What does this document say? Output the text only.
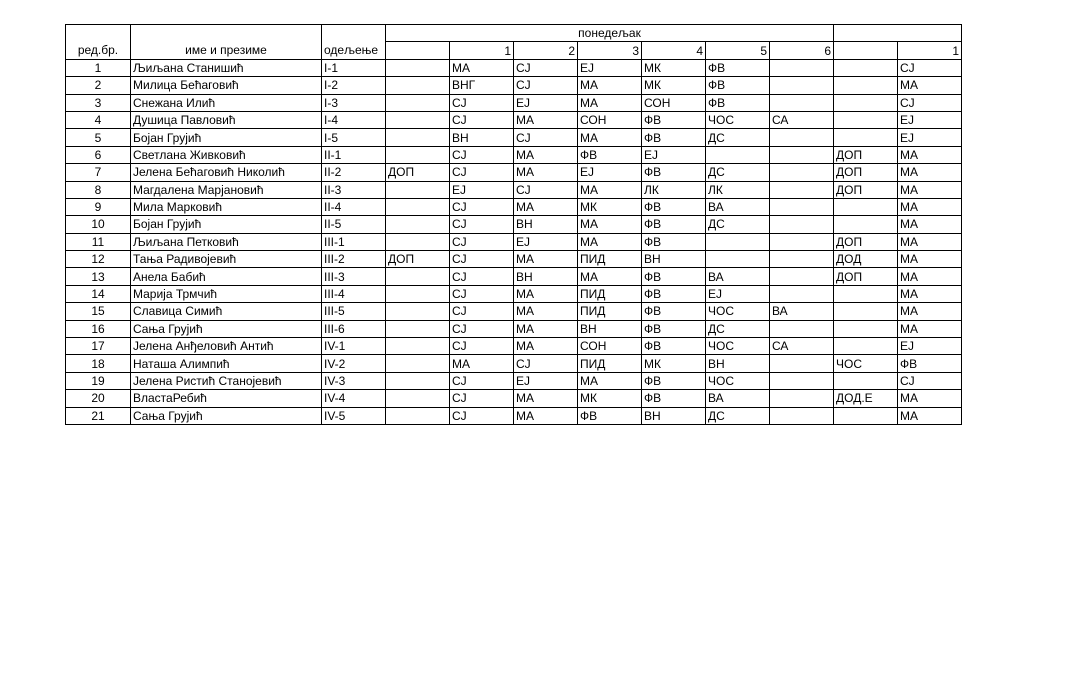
			понедељак								
ред.бр.	име и презиме	одељење		1	2	3	4	5	6		1
1	Љиљана Станишић	I-1		МА	СЈ	ЕЈ	МК	ФВ			СЈ
2	Милица Бећаговић	I-2		ВНГ	СЈ	МА	МК	ФВ			МА
3	Снежана Илић	I-3		СЈ	ЕЈ	МА	СОН	ФВ			СЈ
4	Душица Павловић	I-4		СЈ	МА	СОН	ФВ	ЧОС	СА		ЕЈ
5	Бојан Грујић	I-5		ВН	СЈ	МА	ФВ	ДС			ЕЈ
6	Светлана Живковић	II-1		СЈ	МА	ФВ	ЕЈ			ДОП	МА
7	Јелена Бећаговић Николић	II-2	ДОП	СЈ	МА	ЕЈ	ФВ	ДС		ДОП	МА
8	Магдалена Марјановић	II-3		ЕЈ	СЈ	МА	ЛК	ЛК		ДОП	МА
9	Мила Марковић	II-4		СЈ	МА	МК	ФВ	ВА			МА
10	Бојан Грујић	II-5		СЈ	ВН	МА	ФВ	ДС			МА
11	Љиљана Петковић	III-1		СЈ	ЕЈ	МА	ФВ			ДОП	МА
12	Тања Радивојевић	III-2	ДОП	СЈ	МА	ПИД	ВН			ДОД	МА
13	Анела Бабић	III-3		СЈ	ВН	МА	ФВ	ВА		ДОП	МА
14	Марија Трмчић	III-4		СЈ	МА	ПИД	ФВ	ЕЈ			МА
15	Славица Симић	III-5		СЈ	МА	ПИД	ФВ	ЧОС	ВА		МА
16	Сања Грујић	III-6		СЈ	МА	ВН	ФВ	ДС			МА
17	Јелена Анђеловић Антић	IV-1		СЈ	МА	СОН	ФВ	ЧОС	СА		ЕЈ
18	Наташа Алимпић	IV-2		МА	СЈ	ПИД	МК	ВН		ЧОС	ФВ
19	Јелена Ристић Станојевић	IV-3		СЈ	ЕЈ	МА	ФВ	ЧОС			СЈ
20	ВластаРебић	IV-4		СЈ	МА	МК	ФВ	ВА		ДОД.Е	МА
21	Сања Грујић	IV-5		СЈ	МА	ФВ	ВН	ДС			МА
